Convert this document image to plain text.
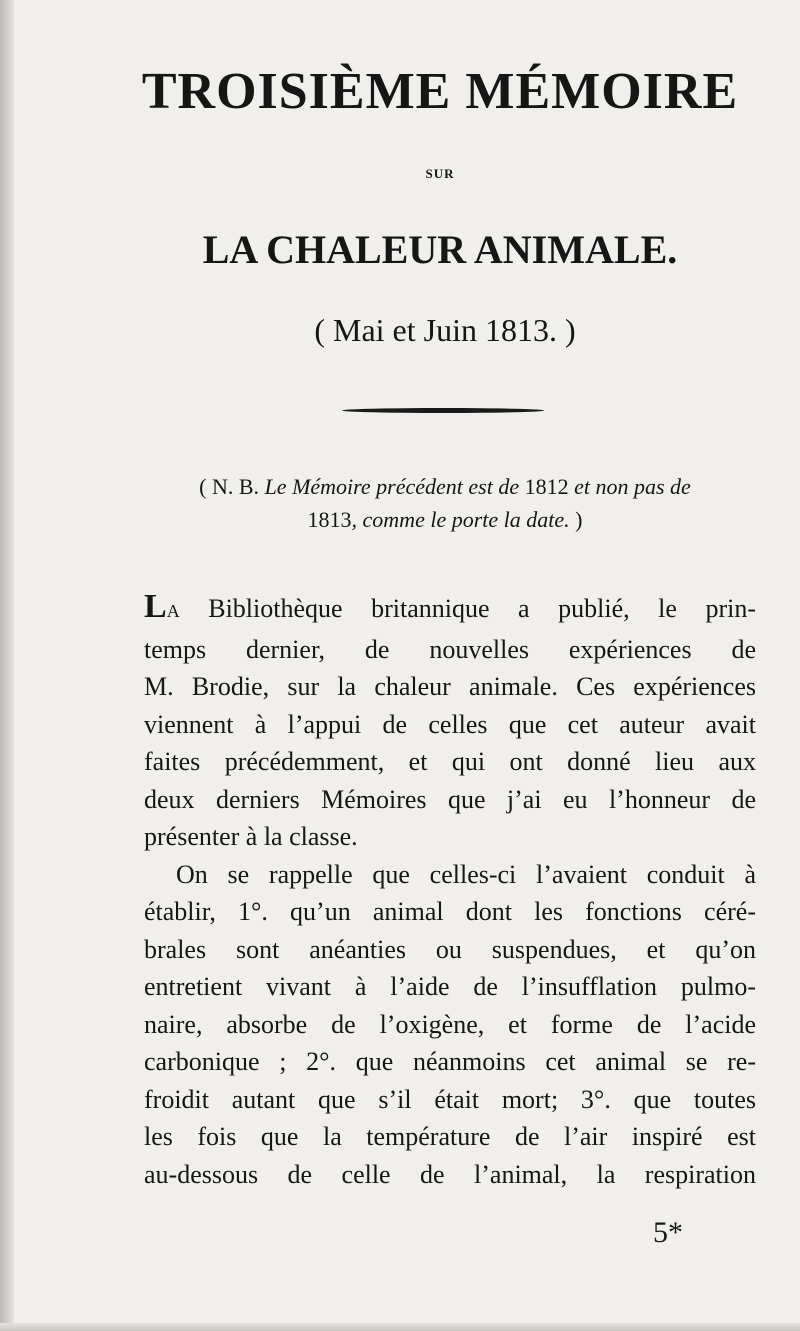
TROISIÈME MÉMOIRE
SUR
LA CHALEUR ANIMALE.
( Mai et Juin 1813. )
( N. B. Le Mémoire précédent est de 1812 et non pas de
1813, comme le porte la date. )

LA Bibliothèque britannique a publié, le prin-
temps dernier, de nouvelles expériences de
M. Brodie, sur la chaleur animale. Ces expériences
viennent à l’appui de celles que cet auteur avait
faites précédemment, et qui ont donné lieu aux
deux derniers Mémoires que j’ai eu l’honneur de
présenter à la classe.

On se rappelle que celles-ci l’avaient conduit à
établir, 1°. qu’un animal dont les fonctions céré-
brales sont anéanties ou suspendues, et qu’on
entretient vivant à l’aide de l’insufflation pulmo-
naire, absorbe de l’oxigène, et forme de l’acide
carbonique ; 2°. que néanmoins cet animal se re-
froidit autant que s’il était mort; 3°. que toutes
les fois que la température de l’air inspiré est
au-dessous de celle de l’animal, la respiration

5*
